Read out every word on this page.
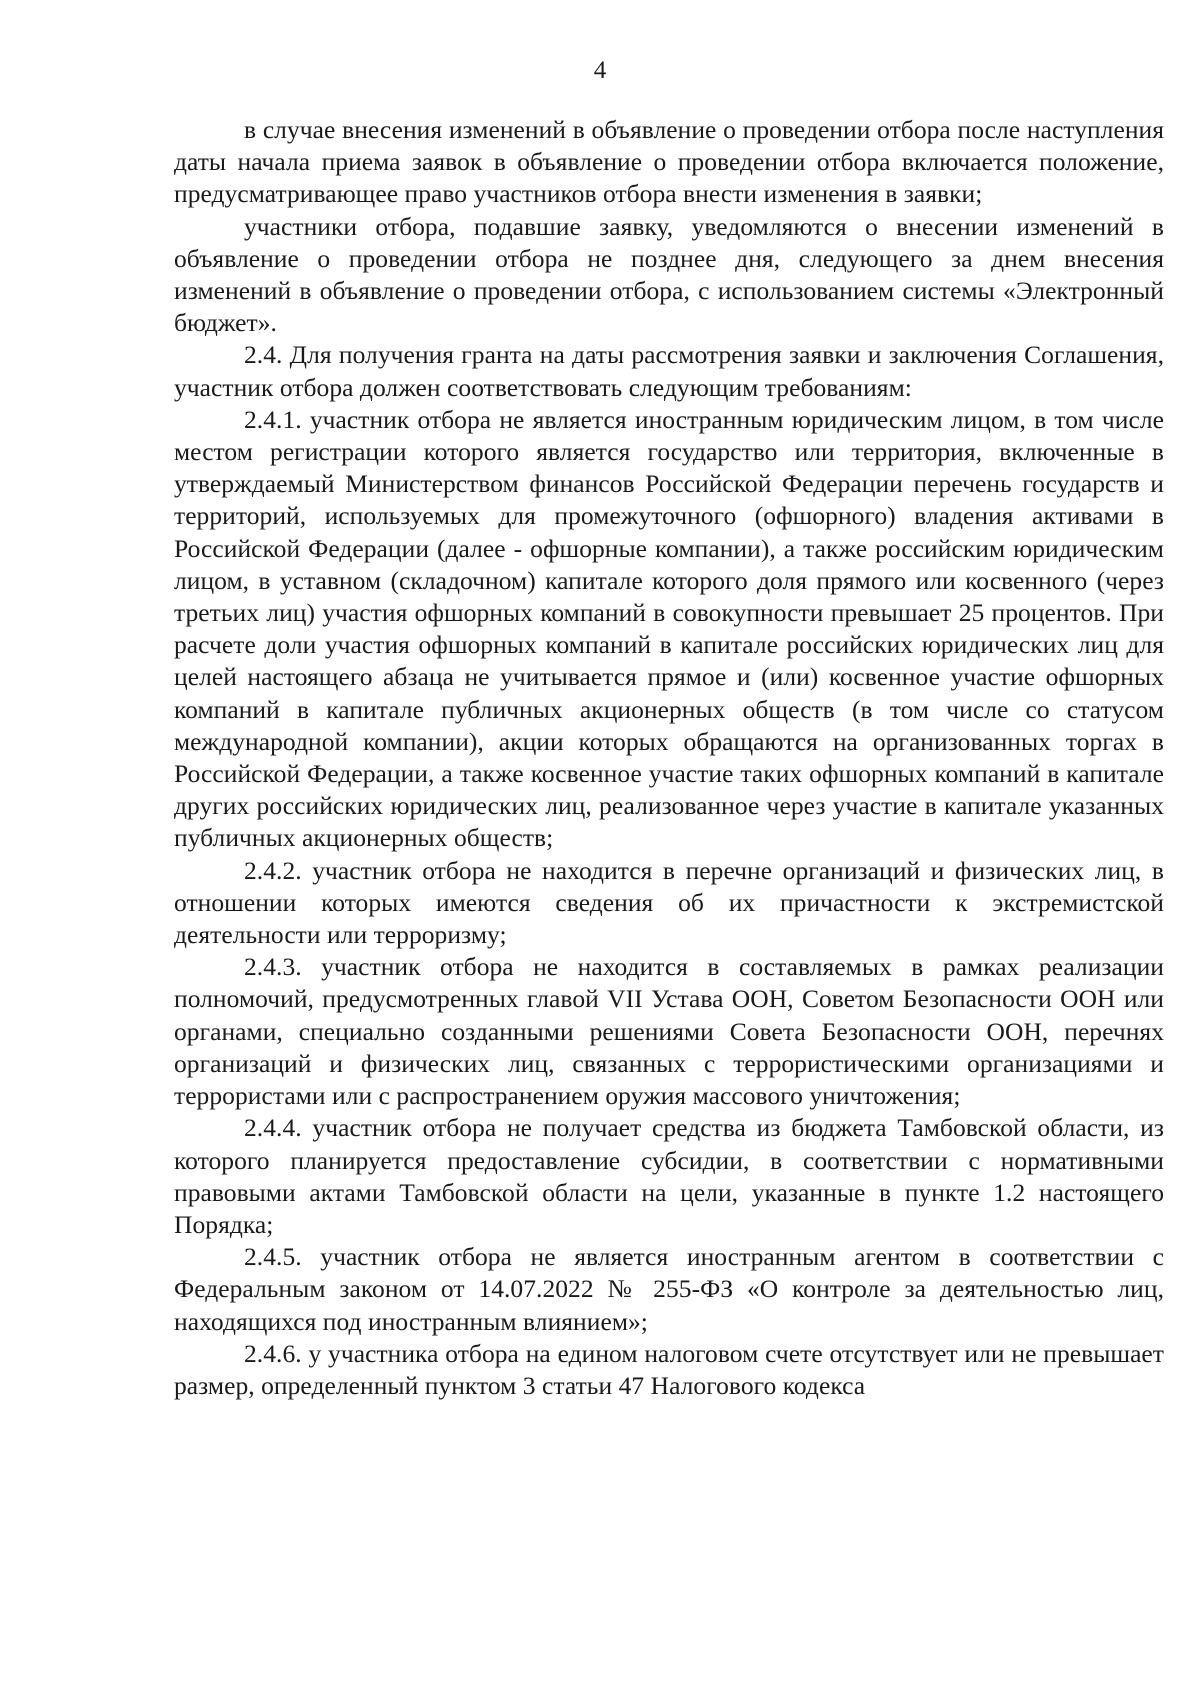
4

в случае внесения изменений в объявление о проведении отбора после наступления даты начала приема заявок в объявление о проведении отбора включается положение, предусматривающее право участников отбора внести изменения в заявки;

участники отбора, подавшие заявку, уведомляются о внесении изменений в объявление о проведении отбора не позднее дня, следующего за днем внесения изменений в объявление о проведении отбора, с использованием системы «Электронный бюджет».

2.4. Для получения гранта на даты рассмотрения заявки и заключения Соглашения, участник отбора должен соответствовать следующим требованиям:

2.4.1. участник отбора не является иностранным юридическим лицом, в том числе местом регистрации которого является государство или территория, включенные в утверждаемый Министерством финансов Российской Федерации перечень государств и территорий, используемых для промежуточного (офшорного) владения активами в Российской Федерации (далее - офшорные компании), а также российским юридическим лицом, в уставном (складочном) капитале которого доля прямого или косвенного (через третьих лиц) участия офшорных компаний в совокупности превышает 25 процентов. При расчете доли участия офшорных компаний в капитале российских юридических лиц для целей настоящего абзаца не учитывается прямое и (или) косвенное участие офшорных компаний в капитале публичных акционерных обществ (в том числе со статусом международной компании), акции которых обращаются на организованных торгах в Российской Федерации, а также косвенное участие таких офшорных компаний в капитале других российских юридических лиц, реализованное через участие в капитале указанных публичных акционерных обществ;

2.4.2. участник отбора не находится в перечне организаций и физических лиц, в отношении которых имеются сведения об их причастности к экстремистской деятельности или терроризму;

2.4.3. участник отбора не находится в составляемых в рамках реализации полномочий, предусмотренных главой VII Устава ООН, Советом Безопасности ООН или органами, специально созданными решениями Совета Безопасности ООН, перечнях организаций и физических лиц, связанных с террористическими организациями и террористами или с распространением оружия массового уничтожения;

2.4.4. участник отбора не получает средства из бюджета Тамбовской области, из которого планируется предоставление субсидии, в соответствии с нормативными правовыми актами Тамбовской области на цели, указанные в пункте 1.2 настоящего Порядка;

2.4.5. участник отбора не является иностранным агентом в соответствии с Федеральным законом от 14.07.2022 № 255-ФЗ «О контроле за деятельностью лиц, находящихся под иностранным влиянием»;

2.4.6. у участника отбора на едином налоговом счете отсутствует или не превышает размер, определенный пунктом 3 статьи 47 Налогового кодекса
